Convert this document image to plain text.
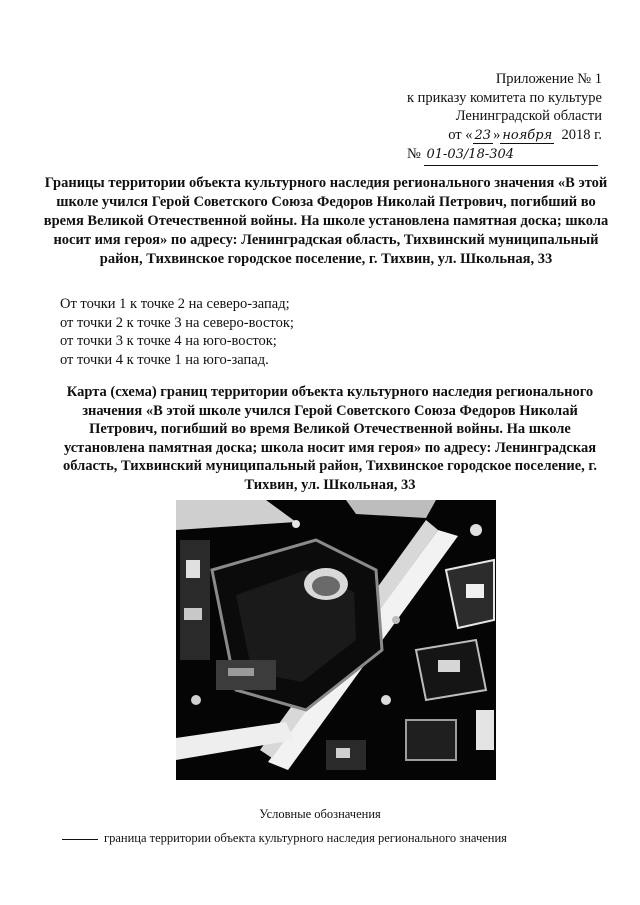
Приложение № 1
к приказу комитета по культуре
Ленинградской области
от « 23 » ноября 2018 г.
№ 01-03/18-304
Границы территории объекта культурного наследия регионального значения «В этой школе учился Герой Советского Союза Федоров Николай Петрович, погибший во время Великой Отечественной войны. На школе установлена памятная доска; школа носит имя героя» по адресу: Ленинградская область, Тихвинский муниципальный район, Тихвинское городское поселение, г. Тихвин, ул. Школьная, 33
От точки 1 к точке 2 на северо-запад;
от точки 2 к точке 3 на северо-восток;
от точки 3 к точке 4 на юго-восток;
от точки 4 к точке 1 на юго-запад.
Карта (схема) границ территории объекта культурного наследия регионального значения «В этой школе учился Герой Советского Союза Федоров Николай Петрович, погибший во время Великой Отечественной войны. На школе установлена памятная доска; школа носит имя героя» по адресу: Ленинградская область, Тихвинский муниципальный район, Тихвинское городское поселение, г. Тихвин, ул. Школьная, 33
Условные обозначения
граница территории объекта культурного наследия регионального значения
